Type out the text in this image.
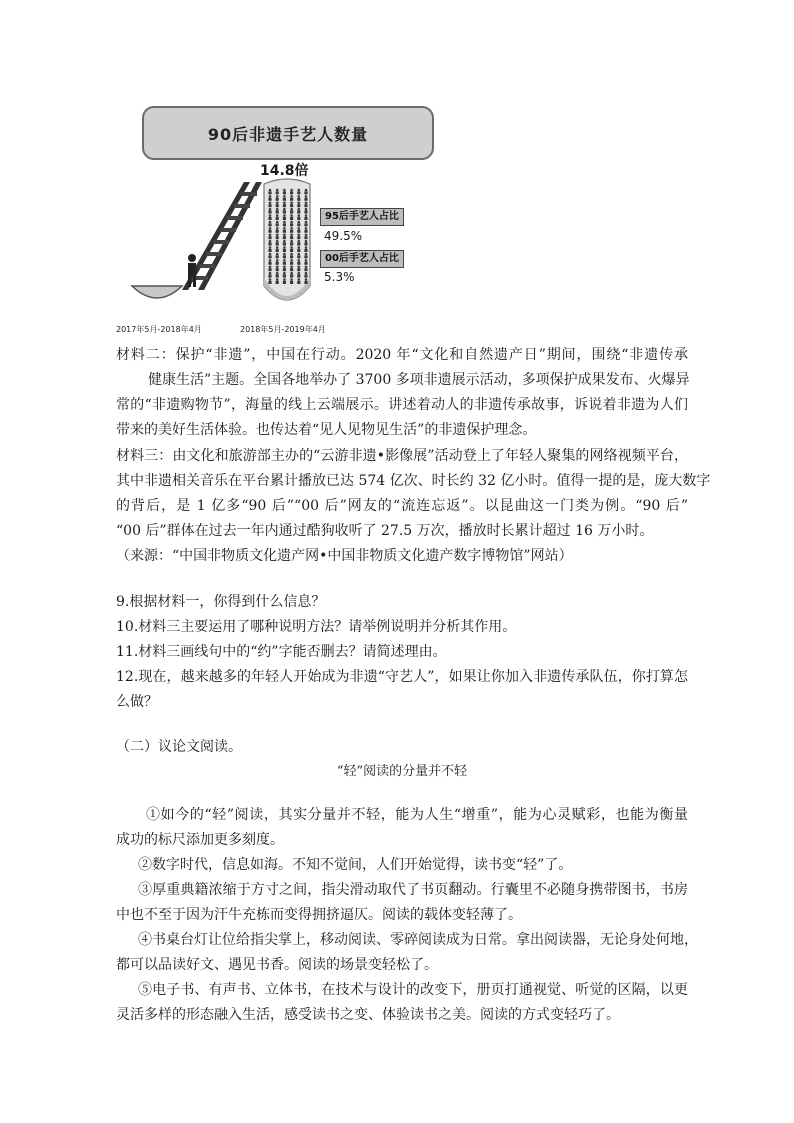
90后非遗手艺人数量
14.8倍
95后手艺人占比
49.5%
00后手艺人占比
5.3%
2017年5月-2018年4月	2018年5月-2019年4月
材料二：保护“非遗”，中国在行动。2020 年“文化和自然遗产日”期间，围绕“非遗传承
健康生活”主题。全国各地举办了 3700 多项非遗展示活动，多项保护成果发布、火爆异
常的“非遗购物节”，海量的线上云端展示。讲述着动人的非遗传承故事，诉说着非遗为人们
带来的美好生活体验。也传达着“见人见物见生活”的非遗保护理念。
材料三：由文化和旅游部主办的“云游非遗•影像展”活动登上了年轻人聚集的网络视频平台，
其中非遗相关音乐在平台累计播放已达 574 亿次、时长约 32 亿小时。值得一提的是，庞大数字
的背后，是 1 亿多“90 后”“00 后”网友的“流连忘返”。以昆曲这一门类为例。“90 后”
“00 后”群体在过去一年内通过酷狗收听了 27.5 万次，播放时长累计超过 16 万小时。
（来源：“中国非物质文化遗产网•中国非物质文化遗产数字博物馆”网站）
9.根据材料一，你得到什么信息？
10.材料三主要运用了哪种说明方法？请举例说明并分析其作用。
11.材料三画线句中的“约”字能否删去？请简述理由。
12.现在，越来越多的年轻人开始成为非遗“守艺人”，如果让你加入非遗传承队伍，你打算怎
么做？
（二）议论文阅读。
“轻”阅读的分量并不轻
①如今的“轻”阅读，其实分量并不轻，能为人生“增重”，能为心灵赋彩，也能为衡量
成功的标尺添加更多刻度。
②数字时代，信息如海。不知不觉间，人们开始觉得，读书变“轻”了。
③厚重典籍浓缩于方寸之间，指尖滑动取代了书页翻动。行囊里不必随身携带图书，书房
中也不至于因为汗牛充栋而变得拥挤逼仄。阅读的载体变轻薄了。
④书桌台灯让位给指尖掌上，移动阅读、零碎阅读成为日常。拿出阅读器，无论身处何地，
都可以品读好文、遇见书香。阅读的场景变轻松了。
⑤电子书、有声书、立体书，在技术与设计的改变下，册页打通视觉、听觉的区隔，以更
灵活多样的形态融入生活，感受读书之变、体验读书之美。阅读的方式变轻巧了。
